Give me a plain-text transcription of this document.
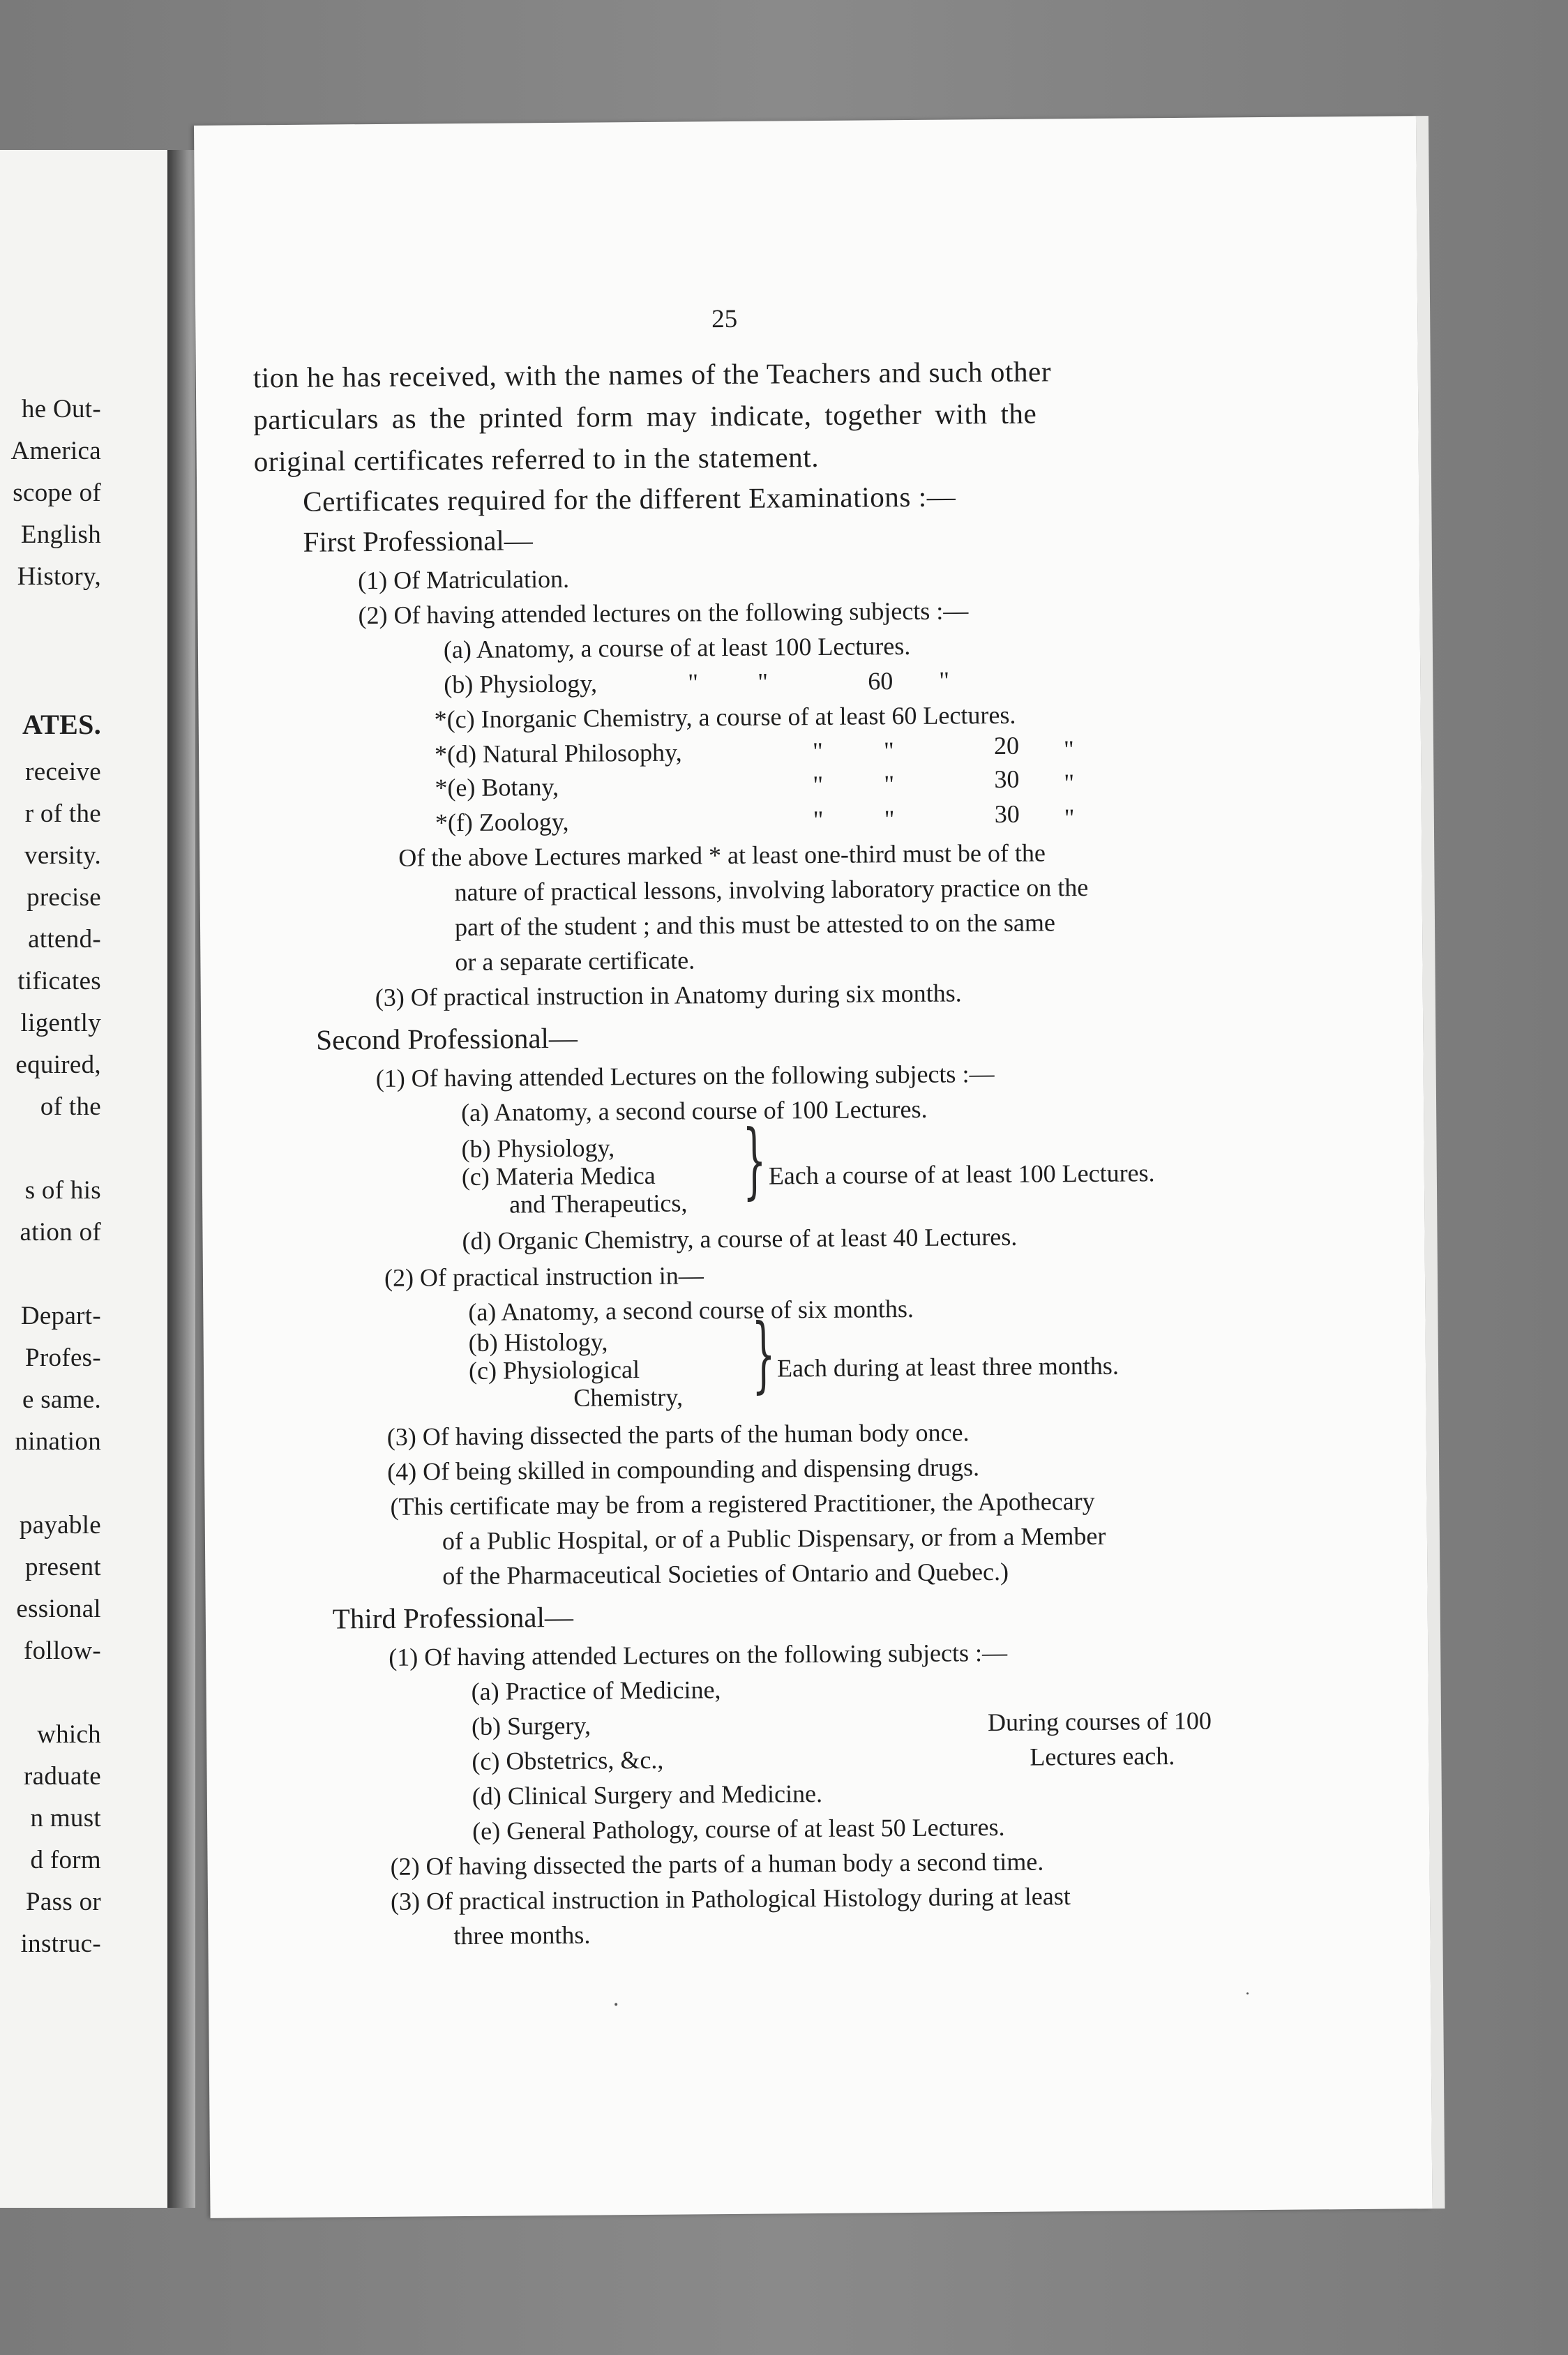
he Out-
America
scope of
English
History,
ATES.
receive
r of the
versity.
precise
attend-
tificates
ligently
equired,
of the
s of his
ation of
Depart-
Profes-
e same.
nination
payable
present
essional
follow-
which
raduate
n must
d form
Pass or
instruc-
25
tion he has received, with the names of the Teachers and such other
particulars as the printed form may indicate, together with the
original certificates referred to in the statement.
Certificates required for the different Examinations :—
First Professional—
(1) Of Matriculation.
(2) Of having attended lectures on the following subjects :—
(a) Anatomy, a course of at least 100 Lectures.
(b) Physiology,	" "	60 "
*(c) Inorganic Chemistry, a course of at least 60 Lectures.
*(d) Natural Philosophy,	" "	20 "
*(e) Botany,	" "	30 "
*(f) Zoology,	" "	30 "
Of the above Lectures marked * at least one-third must be of the
nature of practical lessons, involving laboratory practice on the
part of the student ; and this must be attested to on the same
or a separate certificate.
(3) Of practical instruction in Anatomy during six months.
Second Professional—
(1) Of having attended Lectures on the following subjects :—
(a) Anatomy, a second course of 100 Lectures.
(b) Physiology,
(c) Materia Medica
and Therapeutics, } Each a course of at least 100 Lectures.
(d) Organic Chemistry, a course of at least 40 Lectures.
(2) Of practical instruction in—
(a) Anatomy, a second course of six months.
(b) Histology,
(c) Physiological
Chemistry, } Each during at least three months.
(3) Of having dissected the parts of the human body once.
(4) Of being skilled in compounding and dispensing drugs.
(This certificate may be from a registered Practitioner, the Apothecary
of a Public Hospital, or of a Public Dispensary, or from a Member
of the Pharmaceutical Societies of Ontario and Quebec.)
Third Professional—
(1) Of having attended Lectures on the following subjects :—
(a) Practice of Medicine,
(b) Surgery,
(c) Obstetrics, &c.,
During courses of 100
Lectures each.
(d) Clinical Surgery and Medicine.
(e) General Pathology, course of at least 50 Lectures.
(2) Of having dissected the parts of a human body a second time.
(3) Of practical instruction in Pathological Histology during at least
three months.
